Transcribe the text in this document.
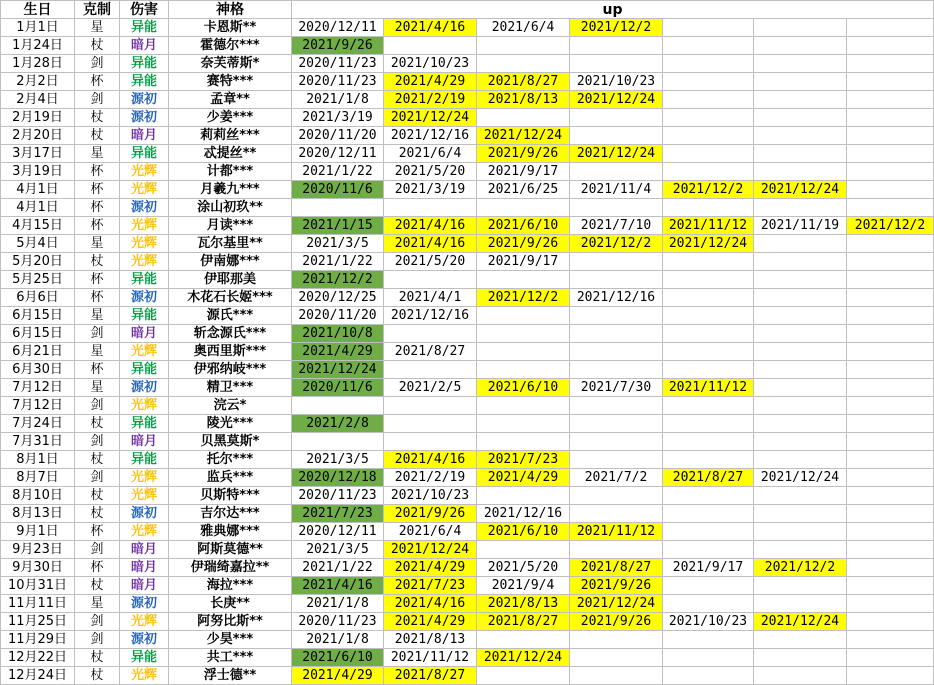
生日	克制	伤害	神格	up						
1月1日	星	异能	卡恩斯**	2020/12/11	2021/4/16	2021/6/4	2021/12/2			
1月24日	杖	暗月	霍德尔***	2021/9/26						
1月28日	剑	异能	奈芙蒂斯*	2020/11/23	2021/10/23					
2月2日	杯	异能	赛特***	2020/11/23	2021/4/29	2021/8/27	2021/10/23			
2月4日	剑	源初	孟章**	2021/1/8	2021/2/19	2021/8/13	2021/12/24			
2月19日	杖	源初	少姜***	2021/3/19	2021/12/24					
2月20日	杖	暗月	莉莉丝***	2020/11/20	2021/12/16	2021/12/24				
3月17日	星	异能	忒提丝**	2020/12/11	2021/6/4	2021/9/26	2021/12/24			
3月19日	杯	光辉	计都***	2021/1/22	2021/5/20	2021/9/17				
4月1日	杯	光辉	月羲九***	2020/11/6	2021/3/19	2021/6/25	2021/11/4	2021/12/2	2021/12/24	
4月1日	杯	源初	涂山初玖**							
4月15日	杯	光辉	月读***	2021/1/15	2021/4/16	2021/6/10	2021/7/10	2021/11/12	2021/11/19	2021/12/2
5月4日	星	光辉	瓦尔基里**	2021/3/5	2021/4/16	2021/9/26	2021/12/2	2021/12/24		
5月20日	杖	光辉	伊南娜***	2021/1/22	2021/5/20	2021/9/17				
5月25日	杯	异能	伊耶那美	2021/12/2						
6月6日	杯	源初	木花石长姬***	2020/12/25	2021/4/1	2021/12/2	2021/12/16			
6月15日	星	异能	源氏***	2020/11/20	2021/12/16					
6月15日	剑	暗月	斩念源氏***	2021/10/8						
6月21日	星	光辉	奥西里斯***	2021/4/29	2021/8/27					
6月30日	杯	异能	伊邪纳岐***	2021/12/24						
7月12日	星	源初	精卫***	2020/11/6	2021/2/5	2021/6/10	2021/7/30	2021/11/12		
7月12日	剑	光辉	浣云*							
7月24日	杖	异能	陵光***	2021/2/8						
7月31日	剑	暗月	贝黑莫斯*							
8月1日	杖	异能	托尔***	2021/3/5	2021/4/16	2021/7/23				
8月7日	剑	光辉	监兵***	2020/12/18	2021/2/19	2021/4/29	2021/7/2	2021/8/27	2021/12/24	
8月10日	杖	光辉	贝斯特***	2020/11/23	2021/10/23					
8月13日	杖	源初	吉尔达***	2021/7/23	2021/9/26	2021/12/16				
9月1日	杯	光辉	雅典娜***	2020/12/11	2021/6/4	2021/6/10	2021/11/12			
9月23日	剑	暗月	阿斯莫德**	2021/3/5	2021/12/24					
9月30日	杯	暗月	伊瑞绮嘉拉**	2021/1/22	2021/4/29	2021/5/20	2021/8/27	2021/9/17	2021/12/2	
10月31日	杖	暗月	海拉***	2021/4/16	2021/7/23	2021/9/4	2021/9/26			
11月11日	星	源初	长庚**	2021/1/8	2021/4/16	2021/8/13	2021/12/24			
11月25日	剑	光辉	阿努比斯**	2020/11/23	2021/4/29	2021/8/27	2021/9/26	2021/10/23	2021/12/24	
11月29日	剑	源初	少昊***	2021/1/8	2021/8/13					
12月22日	杖	异能	共工***	2021/6/10	2021/11/12	2021/12/24				
12月24日	杖	光辉	浮士德**	2021/4/29	2021/8/27					
